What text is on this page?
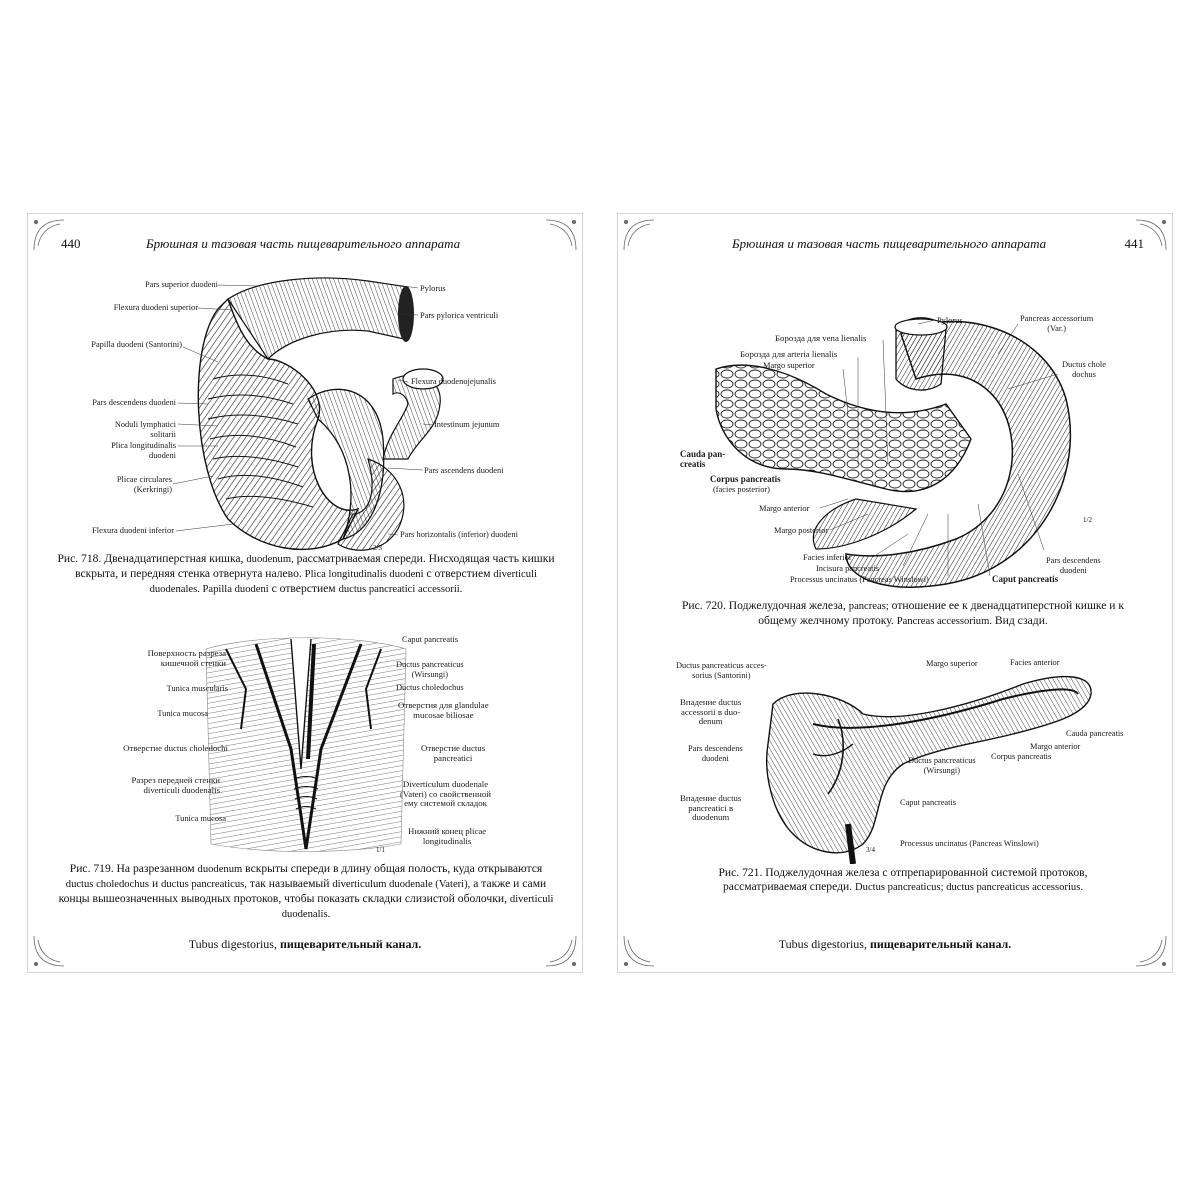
440	Брюшная и тазовая часть пищеварительного аппарата
Pars superior duodeni
Flexura duodeni superior
Papilla duodeni (Santorini)
Pars descendens duodeni
Noduli lymphatici
solitarii
Plica longitudinalis
duodeni
Plicae circulares
(Kerkringi)
Flexura duodeni inferior
Pylorus
Pars pylorica ventriculi
Flexura duodenojejunalis
Intestinum jejunum
Pars ascendens duodeni
Pars horizontalis (inferior) duodeni
2/3
Рис. 718. Двенадцатиперстная кишка, duodenum, рассматриваемая спереди. Нисходящая часть кишки вскрыта, и передняя стенка отвернута налево. Plica longitudinalis duodeni с отверстием diverticuli duodenales. Papilla duodeni с отверстием ductus pancreatici accessorii.
Поверхность разреза
кишечной стенки
Tunica muscularis
Tunica mucosa
Отверстие ductus choledochi
Разрез передней стенки
diverticuli duodenalis
Tunica mucosa
Caput pancreatis
Ductus pancreaticus
(Wirsungi)
Ductus choledochus
Отверстия для glandulae
mucosae biliosae
Отверстие ductus
pancreatici
Diverticulum duodenale
(Vateri) со свойственной
ему системой складок
Нижний конец plicae
longitudinalis
1/1
Рис. 719. На разрезанном duodenum вскрыты спереди в длину общая полость, куда открываются ductus choledochus и ductus pancreaticus, так называемый diverticulum duodenale (Vateri), а также и сами концы вышеозначенных выводных протоков, чтобы показать складки слизистой оболочки, diverticuli duodenalis.
Tubus digestorius, пищеварительный канал.
Брюшная и тазовая часть пищеварительного аппарата	441
Pylorus	Pancreas accessorium
(Var.)
Ductus chole
dochus
Борозда для vena lienalis
Борозда для arteria lienalis
Margo superior
Cauda pan-
creatis
Corpus pancreatis
(facies posterior)
Margo anterior
Margo posterior
Facies inferior
Incisura pancreatis
Processus uncinatus (Pancreas Winslowi)	Caput pancreatis
Pars descendens
duodeni
1/2
Рис. 720. Поджелудочная железа, pancreas; отношение ее к двенадцатиперстной кишке и к общему желчному протоку. Pancreas accessorium. Вид сзади.
Ductus pancreaticus acces-
sorius (Santorini)
Впадение ductus
accessorii в duo-
denum
Pars descendens
duodeni
Впадение ductus
pancreatici в
duodenum
Margo superior	Facies anterior
Cauda pancreatis
Margo anterior
Corpus pancreatis
Ductus pancreaticus
(Wirsungi)
Caput pancreatis
Processus uncinatus (Pancreas Winslowi)
3/4
Рис. 721. Поджелудочная железа с отпрепарированной системой протоков, рассматриваемая спереди. Ductus pancreaticus; ductus pancreaticus accessorius.
Tubus digestorius, пищеварительный канал.
